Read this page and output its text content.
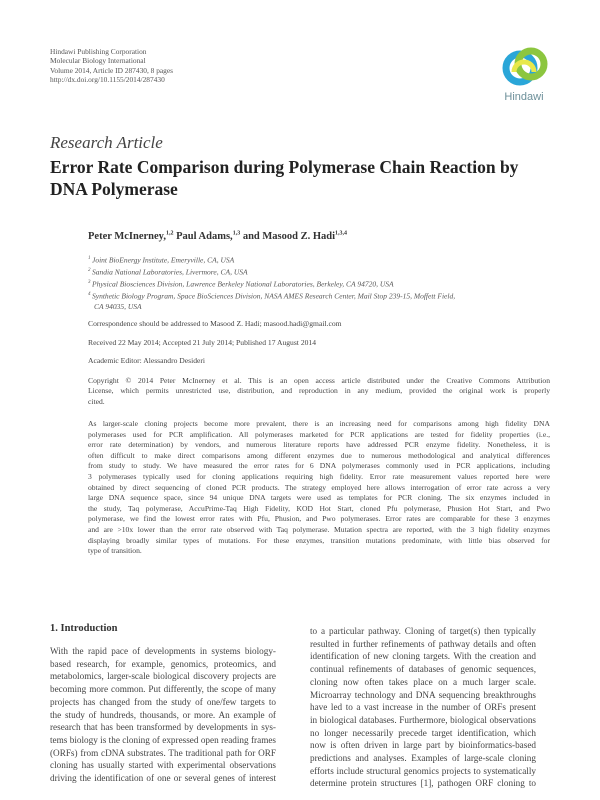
Hindawi Publishing Corporation
Molecular Biology International
Volume 2014, Article ID 287430, 8 pages
http://dx.doi.org/10.1155/2014/287430
Hindawi
Research Article
Error Rate Comparison during Polymerase Chain Reaction by
DNA Polymerase
Peter McInerney,$^{1,2}$ Paul Adams,$^{1,3}$ and Masood Z. Hadi$^{1,3,4}$
$^1$  Joint BioEnergy Institute, Emeryville, CA, USA
$^2$  Sandia National Laboratories, Livermore, CA, USA
$^3$  Physical Biosciences Division, Lawrence Berkeley National Laboratories, Berkeley, CA 94720, USA
$^4$  Synthetic Biology Program, Space BioSciences Division, NASA AMES Research Center, Mail Stop 239-15, Moffett Field,
CA 94035, USA
Correspondence should be addressed to Masood Z. Hadi; masood.hadi@gmail.com
Received 22 May 2014; Accepted 21 July 2014; Published 17 August 2014
Academic Editor: Alessandro Desideri
Copyright © 2014 Peter McInerney et al. This is an open access article distributed under the Creative Commons Attribution
License, which permits unrestricted use, distribution, and reproduction in any medium, provided the original work is properly
cited.
As larger-scale cloning projects become more prevalent, there is an increasing need for comparisons among high fidelity DNA
polymerases used for PCR amplification. All polymerases marketed for PCR applications are tested for fidelity properties (i.e.,
error rate determination) by vendors, and numerous literature reports have addressed PCR enzyme fidelity. Nonetheless, it is
often difficult to make direct comparisons among different enzymes due to numerous methodological and analytical differences
from study to study. We have measured the error rates for 6 DNA polymerases commonly used in PCR applications, including
3 polymerases typically used for cloning applications requiring high fidelity. Error rate measurement values reported here were
obtained by direct sequencing of cloned PCR products. The strategy employed here allows interrogation of error rate across a very
large DNA sequence space, since 94 unique DNA targets were used as templates for PCR cloning. The six enzymes included in
the study, Taq polymerase, AccuPrime-Taq High Fidelity, KOD Hot Start, cloned Pfu polymerase, Phusion Hot Start, and Pwo
polymerase, we find the lowest error rates with Pfu, Phusion, and Pwo polymerases. Error rates are comparable for these 3 enzymes
and are >10x lower than the error rate observed with Taq polymerase. Mutation spectra are reported, with the 3 high fidelity enzymes
displaying broadly similar types of mutations. For these enzymes, transition mutations predominate, with little bias observed for
type of transition.
1. Introduction
With the rapid pace of developments in systems biology-
based research, for example, genomics, proteomics, and
metabolomics, larger-scale biological discovery projects are
becoming more common. Put differently, the scope of many
projects has changed from the study of one/few targets to
the study of hundreds, thousands, or more. An example of
research that has been transformed by developments in sys-
tems biology is the cloning of expressed open reading frames
(ORFs) from cDNA substrates. The traditional path for ORF
cloning has usually started with experimental observations
driving the identification of one or several genes of interest
to a particular pathway. Cloning of target(s) then typically
resulted in further refinements of pathway details and often
identification of new cloning targets. With the creation and
continual refinements of databases of genomic sequences,
cloning now often takes place on a much larger scale.
Microarray technology and DNA sequencing breakthroughs
have led to a vast increase in the number of ORFs present
in biological databases. Furthermore, biological observations
no longer necessarily precede target identification, which
now is often driven in large part by bioinformatics-based
predictions and analyses. Examples of large-scale cloning
efforts include structural genomics projects to systematically
determine protein structures [1], pathogen ORF cloning to
